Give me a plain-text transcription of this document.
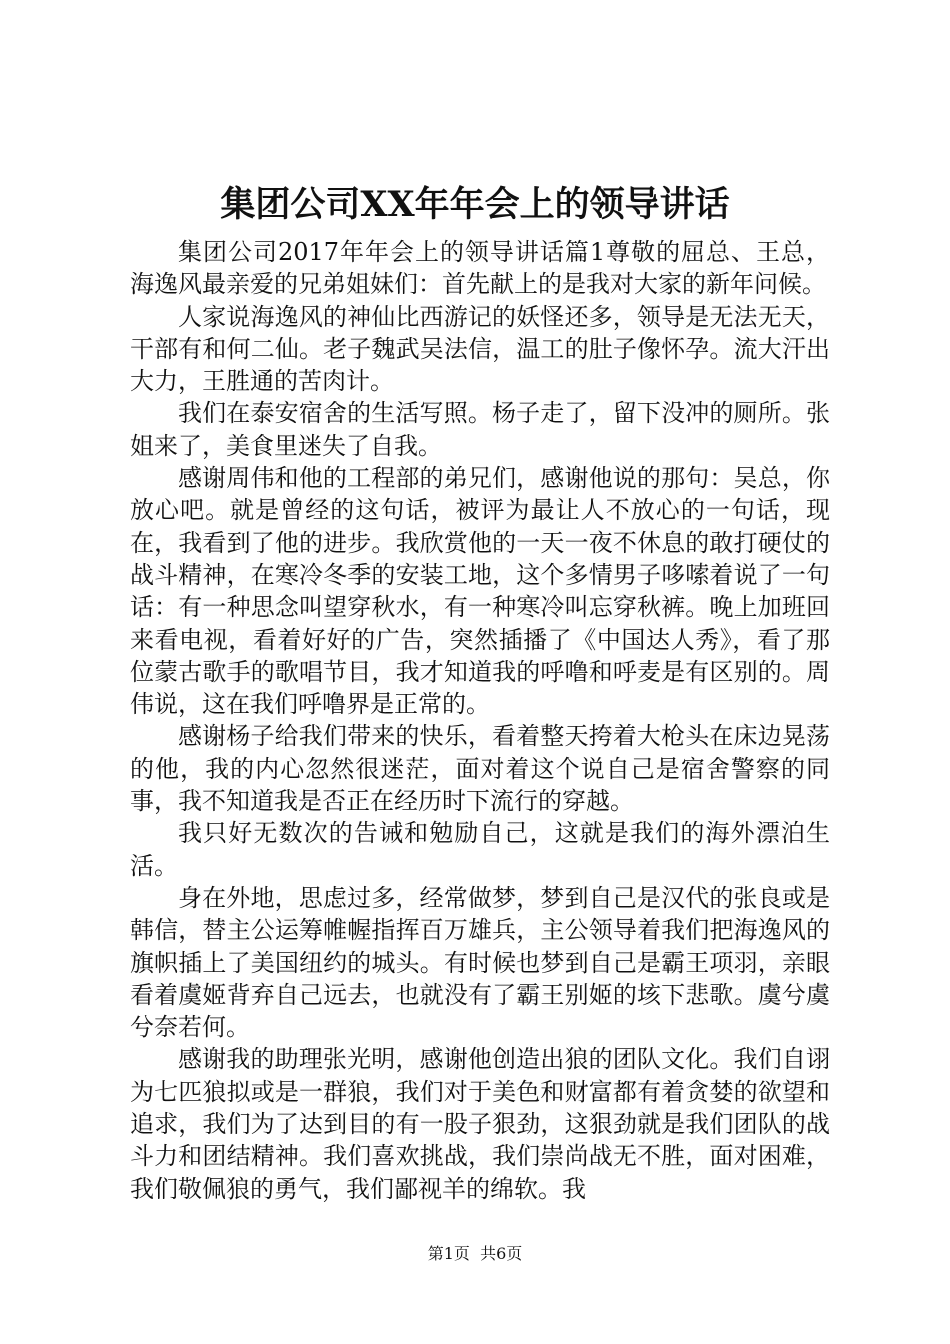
集团公司XX年年会上的领导讲话

集团公司2017年年会上的领导讲话篇1尊敬的屈总、王总，海逸风最亲爱的兄弟姐妹们：首先献上的是我对大家的新年问候。

人家说海逸风的神仙比西游记的妖怪还多，领导是无法无天，干部有和何二仙。老子魏武吴法信，温工的肚子像怀孕。流大汗出大力，王胜通的苦肉计。

我们在泰安宿舍的生活写照。杨子走了，留下没冲的厕所。张姐来了，美食里迷失了自我。

感谢周伟和他的工程部的弟兄们，感谢他说的那句：吴总，你放心吧。就是曾经的这句话，被评为最让人不放心的一句话，现在，我看到了他的进步。我欣赏他的一天一夜不休息的敢打硬仗的战斗精神，在寒冷冬季的安装工地，这个多情男子哆嗦着说了一句话：有一种思念叫望穿秋水，有一种寒冷叫忘穿秋裤。晚上加班回来看电视，看着好好的广告，突然插播了《中国达人秀》，看了那位蒙古歌手的歌唱节目，我才知道我的呼噜和呼麦是有区别的。周伟说，这在我们呼噜界是正常的。

感谢杨子给我们带来的快乐，看着整天挎着大枪头在床边晃荡的他，我的内心忽然很迷茫，面对着这个说自己是宿舍警察的同事，我不知道我是否正在经历时下流行的穿越。

我只好无数次的告诫和勉励自己，这就是我们的海外漂泊生活。

身在外地，思虑过多，经常做梦，梦到自己是汉代的张良或是韩信，替主公运筹帷幄指挥百万雄兵，主公领导着我们把海逸风的旗帜插上了美国纽约的城头。有时候也梦到自己是霸王项羽，亲眼看着虞姬背弃自己远去，也就没有了霸王别姬的垓下悲歌。虞兮虞兮奈若何。

感谢我的助理张光明，感谢他创造出狼的团队文化。我们自诩为七匹狼拟或是一群狼，我们对于美色和财富都有着贪婪的欲望和追求，我们为了达到目的有一股子狠劲，这狠劲就是我们团队的战斗力和团结精神。我们喜欢挑战，我们崇尚战无不胜，面对困难，我们敬佩狼的勇气，我们鄙视羊的绵软。我

第1页  共6页
